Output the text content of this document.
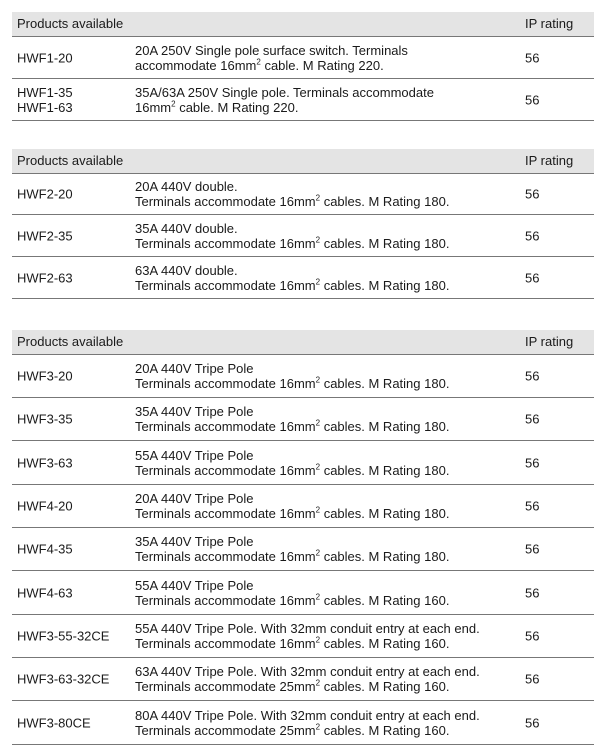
Products available	IP rating
HWF1-20	20A 250V Single pole surface switch. Terminals
accommodate $16mm^2$ cable. M Rating 220.	56
HWF1-35
HWF1-63
35A/63A 250V Single pole. Terminals accommodate
$16mm^2$ cable. M Rating 220.	56
Products available	IP rating
HWF2-20	20A 440V double.
Terminals accommodate $16mm^2$ cables. M Rating 180.	56
HWF2-35	35A 440V double.
Terminals accommodate $16mm^2$ cables. M Rating 180.	56
HWF2-63	63A 440V double.
Terminals accommodate $16mm^2$ cables. M Rating 180.	56
Products available	IP rating
HWF3-20	20A 440V Tripe Pole
Terminals accommodate $16mm^2$ cables. M Rating 180.	56
HWF3-35	35A 440V Tripe Pole
Terminals accommodate $16mm^2$ cables. M Rating 180.	56
HWF3-63	55A 440V Tripe Pole
Terminals accommodate $16mm^2$ cables. M Rating 180.	56
HWF4-20	20A 440V Tripe Pole
Terminals accommodate $16mm^2$ cables. M Rating 180.	56
HWF4-35	35A 440V Tripe Pole
Terminals accommodate $16mm^2$ cables. M Rating 180.	56
HWF4-63	55A 440V Tripe Pole
Terminals accommodate $16mm^2$ cables. M Rating 160.	56
HWF3-55-32CE 55A 440V Tripe Pole. With 32mm conduit entry at each end.
Terminals accommodate $16mm^2$ cables. M Rating 160.	56
HWF3-63-32CE 63A 440V Tripe Pole. With 32mm conduit entry at each end.
Terminals accommodate $25mm^2$ cables. M Rating 160.	56
HWF3-80CE	80A 440V Tripe Pole. With 32mm conduit entry at each end.
Terminals accommodate $25mm^2$ cables. M Rating 160.	56
